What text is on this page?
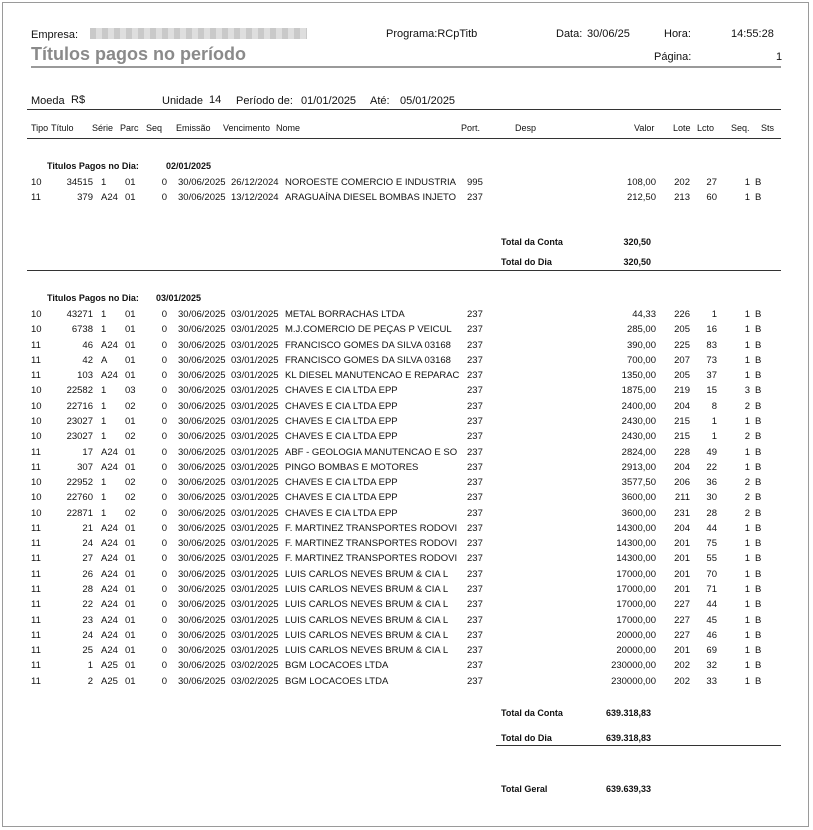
Empresa:	Programa:RCpTitb	Data: 30/06/25	Hora:	14:55:28
Títulos pagos no período	Página:	1
Moeda R$	Unidade 14 Período de: 01/01/2025 Até: 05/01/2025
Tipo Título Série Parc Seq Emissão Vencimento Nome	Port.	Desp	Valor Lote Lcto Seq. Sts
Titulos Pagos no Dia:	02/01/2025
10	34515 1	01	0 30/06/2025 26/12/2024 NOROESTE COMERCIO E INDUSTRIA	995	108,00	202	27	1 B
11	379 A24 01	0 30/06/2025 13/12/2024 ARAGUAÍNA DIESEL BOMBAS INJETO	237	212,50	213	60	1 B
Total da Conta	320,50
Total do Dia	320,50
Titulos Pagos no Dia: 03/01/2025
10	43271 1	01	0 30/06/2025 03/01/2025 METAL BORRACHAS LTDA	237	44,33	226	1	1 B
10	6738 1	01	0 30/06/2025 03/01/2025 M.J.COMERCIO DE PEÇAS P VEICUL	237	285,00	205	16	1 B
11	46 A24 01	0 30/06/2025 03/01/2025 FRANCISCO GOMES DA SILVA 03168	237	390,00	225	83	1 B
11	42 A	01	0 30/06/2025 03/01/2025 FRANCISCO GOMES DA SILVA 03168	237	700,00	207	73	1 B
11	103 A24 01	0 30/06/2025 03/01/2025 KL DIESEL MANUTENCAO E REPARAC 237	1350,00	205	37	1 B
10	22582 1	03	0 30/06/2025 03/01/2025 CHAVES E CIA LTDA EPP	237	1875,00	219	15	3 B
10	22716 1	02	0 30/06/2025 03/01/2025 CHAVES E CIA LTDA EPP	237	2400,00	204	8	2 B
10	23027 1	01	0 30/06/2025 03/01/2025 CHAVES E CIA LTDA EPP	237	2430,00	215	1	1 B
10	23027 1	02	0 30/06/2025 03/01/2025 CHAVES E CIA LTDA EPP	237	2430,00	215	1	2 B
11	17 A24 01	0 30/06/2025 03/01/2025 ABF - GEOLOGIA MANUTENCAO E SO	237	2824,00	228	49	1 B
11	307 A24 01	0 30/06/2025 03/01/2025 PINGO BOMBAS E MOTORES	237	2913,00	204	22	1 B
10	22952 1	02	0 30/06/2025 03/01/2025 CHAVES E CIA LTDA EPP	237	3577,50	206	36	2 B
10	22760 1	02	0 30/06/2025 03/01/2025 CHAVES E CIA LTDA EPP	237	3600,00	211	30	2 B
10	22871 1	02	0 30/06/2025 03/01/2025 CHAVES E CIA LTDA EPP	237	3600,00	231	28	2 B
11	21 A24 01	0 30/06/2025 03/01/2025 F. MARTINEZ TRANSPORTES RODOVI	237	14300,00	204	44	1 B
11	24 A24 01	0 30/06/2025 03/01/2025 F. MARTINEZ TRANSPORTES RODOVI	237	14300,00	201	75	1 B
11	27 A24 01	0 30/06/2025 03/01/2025 F. MARTINEZ TRANSPORTES RODOVI	237	14300,00	201	55	1 B
11	26 A24 01	0 30/06/2025 03/01/2025 LUIS CARLOS NEVES BRUM & CIA L	237	17000,00	201	70	1 B
11	28 A24 01	0 30/06/2025 03/01/2025 LUIS CARLOS NEVES BRUM & CIA L	237	17000,00	201	71	1 B
11	22 A24 01	0 30/06/2025 03/01/2025 LUIS CARLOS NEVES BRUM & CIA L	237	17000,00	227	44	1 B
11	23 A24 01	0 30/06/2025 03/01/2025 LUIS CARLOS NEVES BRUM & CIA L	237	17000,00	227	45	1 B
11	24 A24 01	0 30/06/2025 03/01/2025 LUIS CARLOS NEVES BRUM & CIA L	237	20000,00	227	46	1 B
11	25 A24 01	0 30/06/2025 03/01/2025 LUIS CARLOS NEVES BRUM & CIA L	237	20000,00	201	69	1 B
11	1 A25 01	0 30/06/2025 03/02/2025 BGM LOCACOES LTDA	237	230000,00	202	32	1 B
11	2 A25 01	0 30/06/2025 03/02/2025 BGM LOCACOES LTDA	237	230000,00	202	33	1 B
Total da Conta	639.318,83
Total do Dia	639.318,83
Total Geral	639.639,33
